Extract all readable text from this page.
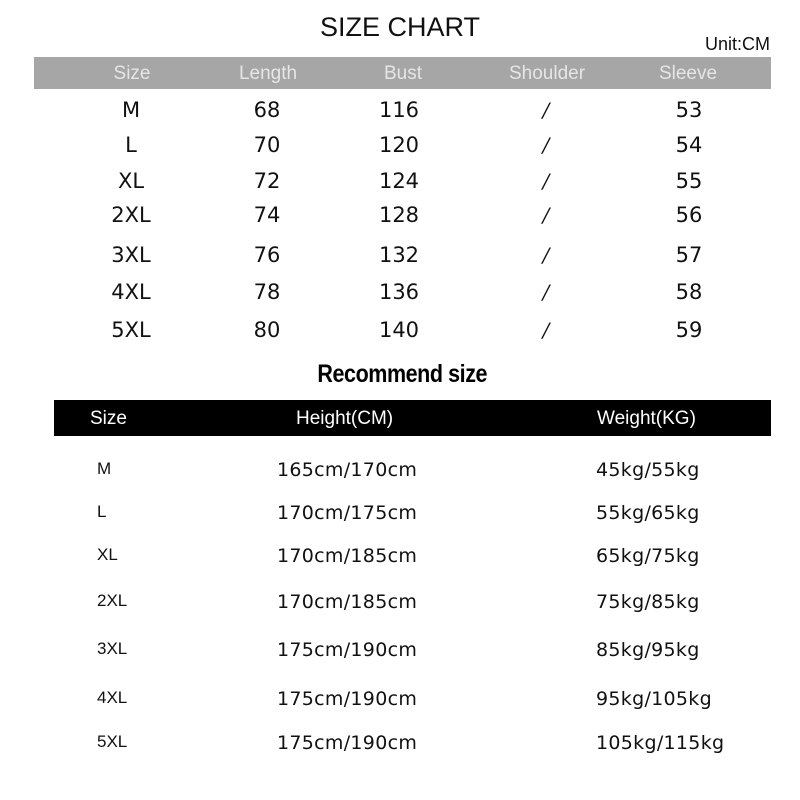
SIZE CHART
Unit:CM
Size	Length	Bust	Shoulder	Sleeve
M	68	116	/	53
L	70	120	/	54
XL	72	124	/	55
2XL	74	128	/	56
3XL	76	132	/	57
4XL	78	136	/	58
5XL	80	140	/	59
Recommend size
Size	Height(CM)	Weight(KG)
M	165cm/170cm	45kg/55kg
L	170cm/175cm	55kg/65kg
XL	170cm/185cm	65kg/75kg
2XL	170cm/185cm	75kg/85kg
3XL	175cm/190cm	85kg/95kg
4XL	175cm/190cm	95kg/105kg
5XL	175cm/190cm	105kg/115kg
